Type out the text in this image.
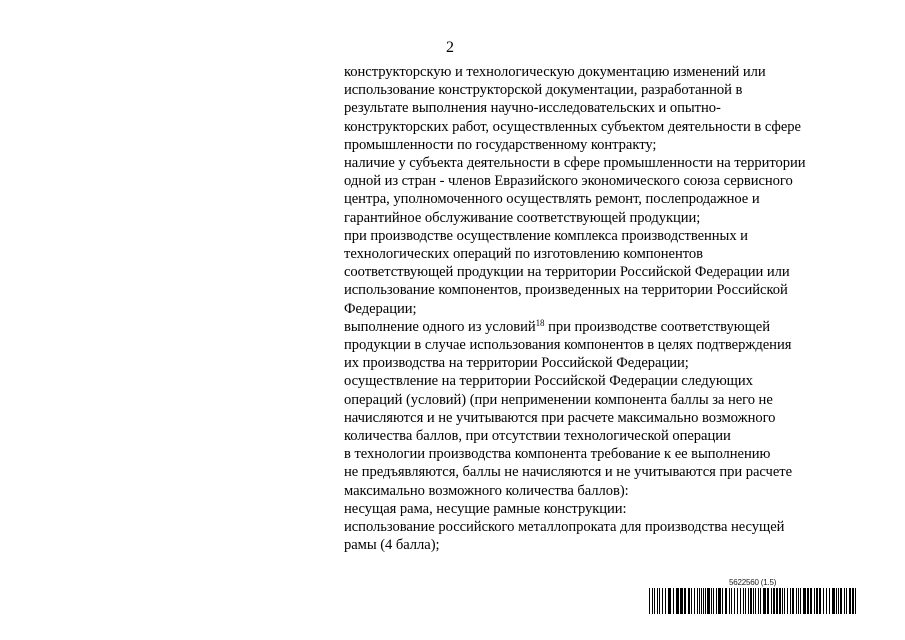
2
конструкторскую и технологическую документацию изменений или
использование конструкторской документации, разработанной в
результате выполнения научно-исследовательских и опытно-
конструкторских работ, осуществленных субъектом деятельности в сфере
промышленности по государственному контракту;
наличие у субъекта деятельности в сфере промышленности на территории
одной из стран - членов Евразийского экономического союза сервисного
центра, уполномоченного осуществлять ремонт, послепродажное и
гарантийное обслуживание соответствующей продукции;
при производстве осуществление комплекса производственных и
технологических операций по изготовлению компонентов
соответствующей продукции на территории Российской Федерации или
использование компонентов, произведенных на территории Российской
Федерации;
выполнение одного из условий$^{18}$ при производстве соответствующей
продукции в случае использования компонентов в целях подтверждения
их производства на территории Российской Федерации;
осуществление на территории Российской Федерации следующих
операций (условий) (при неприменении компонента баллы за него не
начисляются и не учитываются при расчете максимально возможного
количества баллов, при отсутствии технологической операции
в технологии производства компонента требование к ее выполнению
не предъявляются, баллы не начисляются и не учитываются при расчете
максимально возможного количества баллов):
несущая рама, несущие рамные конструкции:
использование российского металлопроката для производства несущей
рамы (4 балла);
5622560 (1.5)
